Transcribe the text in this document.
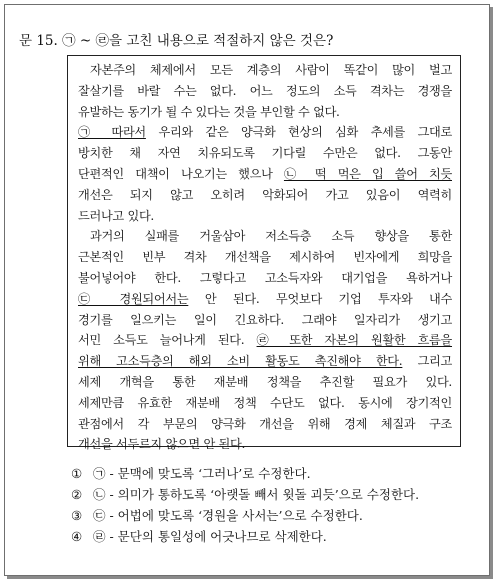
문 15. ㉠ ~ ㉣을 고친 내용으로 적절하지 않은 것은?
자본주의 체제에서 모든 계층의 사람이 똑같이 많이 벌고
잘살기를 바랄 수는 없다. 어느 정도의 소득 격차는 경쟁을
유발하는 동기가 될 수 있다는 것을 부인할 수 없다.
㉠ 따라서 우리와 같은 양극화 현상의 심화 추세를 그대로
방치한 채 자연 치유되도록 기다릴 수만은 없다. 그동안
단편적인 대책이 나오기는 했으나 ㉡ 떡 먹은 입 쓸어 치듯
개선은 되지 않고 오히려 악화되어 가고 있음이 역력히
드러나고 있다.
과거의 실패를 거울삼아 저소득층 소득 향상을 통한
근본적인 빈부 격차 개선책을 제시하여 빈자에게 희망을
불어넣어야 한다. 그렇다고 고소득자와 대기업을 욕하거나
㉢ 경원되어서는 안 된다. 무엇보다 기업 투자와 내수
경기를 일으키는 일이 긴요하다. 그래야 일자리가 생기고
서민 소득도 늘어나게 된다. ㉣ 또한 자본의 원활한 흐름을
위해 고소득층의 해외 소비 활동도 촉진해야 한다. 그리고
세제 개혁을 통한 재분배 정책을 추진할 필요가 있다.
세제만큼 유효한 재분배 정책 수단도 없다. 동시에 장기적인
관점에서 각 부문의 양극화 개선을 위해 경제 체질과 구조
개선을 서두르지 않으면 안 된다.
① ㉠ - 문맥에 맞도록 ‘그러나’로 수정한다.
② ㉡ - 의미가 통하도록 ‘아랫돌 빼서 윗돌 괴듯’으로 수정한다.
③ ㉢ - 어법에 맞도록 ‘경원을 사서는’으로 수정한다.
④ ㉣ - 문단의 통일성에 어긋나므로 삭제한다.
